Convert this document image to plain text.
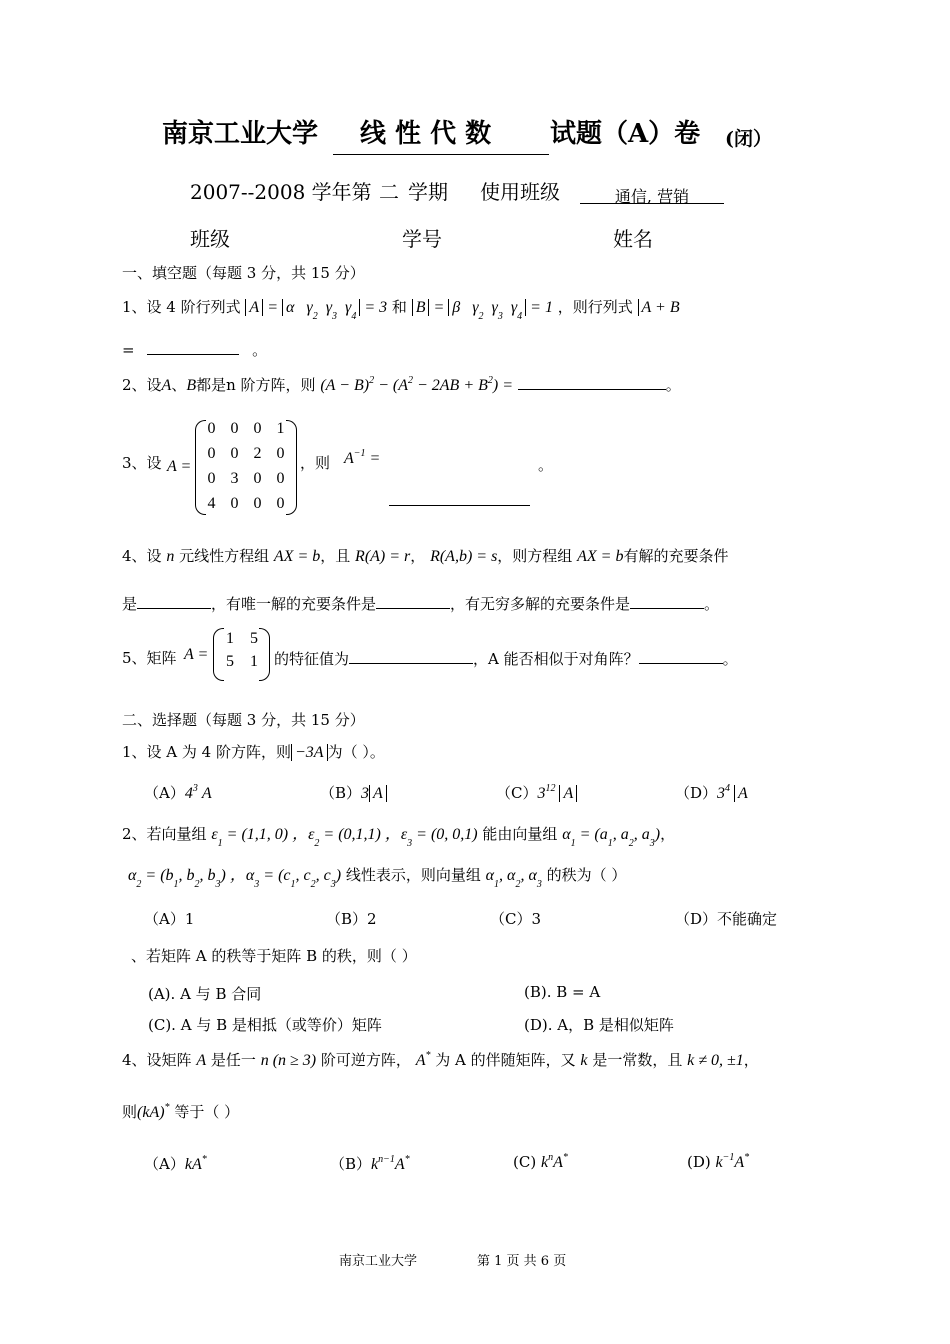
南京工业大学 线 性 代 数 试题（A）卷 (闭）
2007--2008 学年第 二 学期 使用班级	通信, 营销
班级	学号	姓名
一、填空题（每题 3 分，共 15 分）
1、设 4 阶行列式 A = α   $\gamma_2$  $\gamma_3$  $\gamma_4 = 3$ 和 B = β   $\gamma_2$  $\gamma_3$  $\gamma_4 = 1$ ，则行列式 A + B
=	。
2、设A、B都是n 阶方阵，则 $(A - B)^2 - (A^2 - 2AB + B^2)$ =	。
3、设 A =
0 0 0 1
0 0 2 0
0 3 0 0
4 0 0 0
，则 $A^{-1}$ =	。
4、设 n 元线性方程组 AX = b，且 R(A) = r， R(A,b) = s，则方程组 AX = b有解的充要条件
是	，有唯一解的充要条件是	，有无穷多解的充要条件是	。
5、矩阵 A =
1	5
5	1	的特征值为	，A 能否相似于对角阵？	。
二、选择题（每题 3 分，共 15 分）
1、设 A 为 4 阶方阵，则 −3A 为（ ）。
$(A)4^3$ A	（B）3 A	$(C)3^{12}$ A	$(D)3^4$ A
2、若向量组 $\varepsilon_1 = (1,1$, 0) ，$\varepsilon_2 = (0,1,1)$ ，$\varepsilon_3 = (0$, 0,1) 能由向量组 $\alpha_1 = (a_1$, $a_2$, $a_3$)，
$\alpha_2 = (b_1$, $b_2$, $b_3$) ，$\alpha_3 = (c_1$, $c_2$, $c_3$) 线性表示，则向量组 $\alpha_1$, $\alpha_2$, $\alpha_3$ 的秩为（ ）
（A）1	（B）2	（C）3	（D）不能确定
、若矩阵 A 的秩等于矩阵 B 的秩，则（ ）
(A). A 与 B 合同	(B). B = A
(C). A 与 B 是相抵（或等价）矩阵	(D). A，B 是相似矩阵
4、设矩阵 A 是任一 n (n ≥ 3) 阶可逆方阵， A* 为 A 的伴随矩阵，又 k 是一常数，且 k ≠ 0, ±1，
则(kA)* 等于（ ）
（A）kA*	$(B)k^{n-1}A^*$	(C) $k^nA^*$	(D) $k^{-1}A^*$
南京工业大学	第 1 页 共 6 页
